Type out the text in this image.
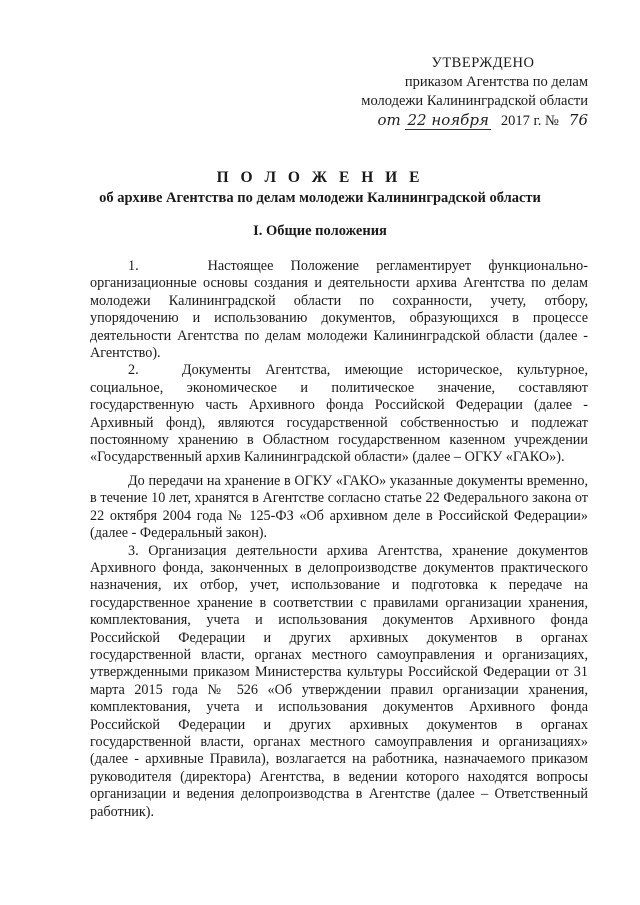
УТВЕРЖДЕНО
приказом Агентства по делам
молодежи Калининградской области
от 22 ноября 2017 г. № 76
П О Л О Ж Е Н И Е
об архиве Агентства по делам молодежи Калининградской области
I. Общие положения

1.    Настоящее Положение регламентирует функционально-организационные основы создания и деятельности архива Агентства по делам молодежи Калининградской области по сохранности, учету, отбору, упорядочению и использованию документов, образующихся в процессе деятельности Агентства по делам молодежи Калининградской области (далее - Агентство).

2.   Документы Агентства, имеющие историческое, культурное, социальное, экономическое и политическое значение, составляют государственную часть Архивного фонда Российской Федерации (далее - Архивный фонд), являются государственной собственностью и подлежат постоянному хранению в Областном государственном казенном учреждении «Государственный архив Калининградской области» (далее – ОГКУ «ГАКО»).

До передачи на хранение в ОГКУ «ГАКО» указанные документы временно, в течение 10 лет, хранятся в Агентстве согласно статье 22 Федерального закона от 22 октября 2004 года № 125-ФЗ «Об архивном деле в Российской Федерации» (далее - Федеральный закон).

3. Организация деятельности архива Агентства, хранение документов Архивного фонда, законченных в делопроизводстве документов практического назначения, их отбор, учет, использование и подготовка к передаче на государственное хранение в соответствии с правилами организации хранения, комплектования, учета и использования документов Архивного фонда Российской Федерации и других архивных документов в органах государственной власти, органах местного самоуправления и организациях, утвержденными приказом Министерства культуры Российской Федерации от 31 марта 2015 года № 526 «Об утверждении правил организации хранения, комплектования, учета и использования документов Архивного фонда Российской Федерации и других архивных документов в органах государственной власти, органах местного самоуправления и организациях» (далее - архивные Правила), возлагается на работника, назначаемого приказом руководителя (директора) Агентства, в ведении которого находятся вопросы организации и ведения делопроизводства в Агентстве (далее – Ответственный работник).
